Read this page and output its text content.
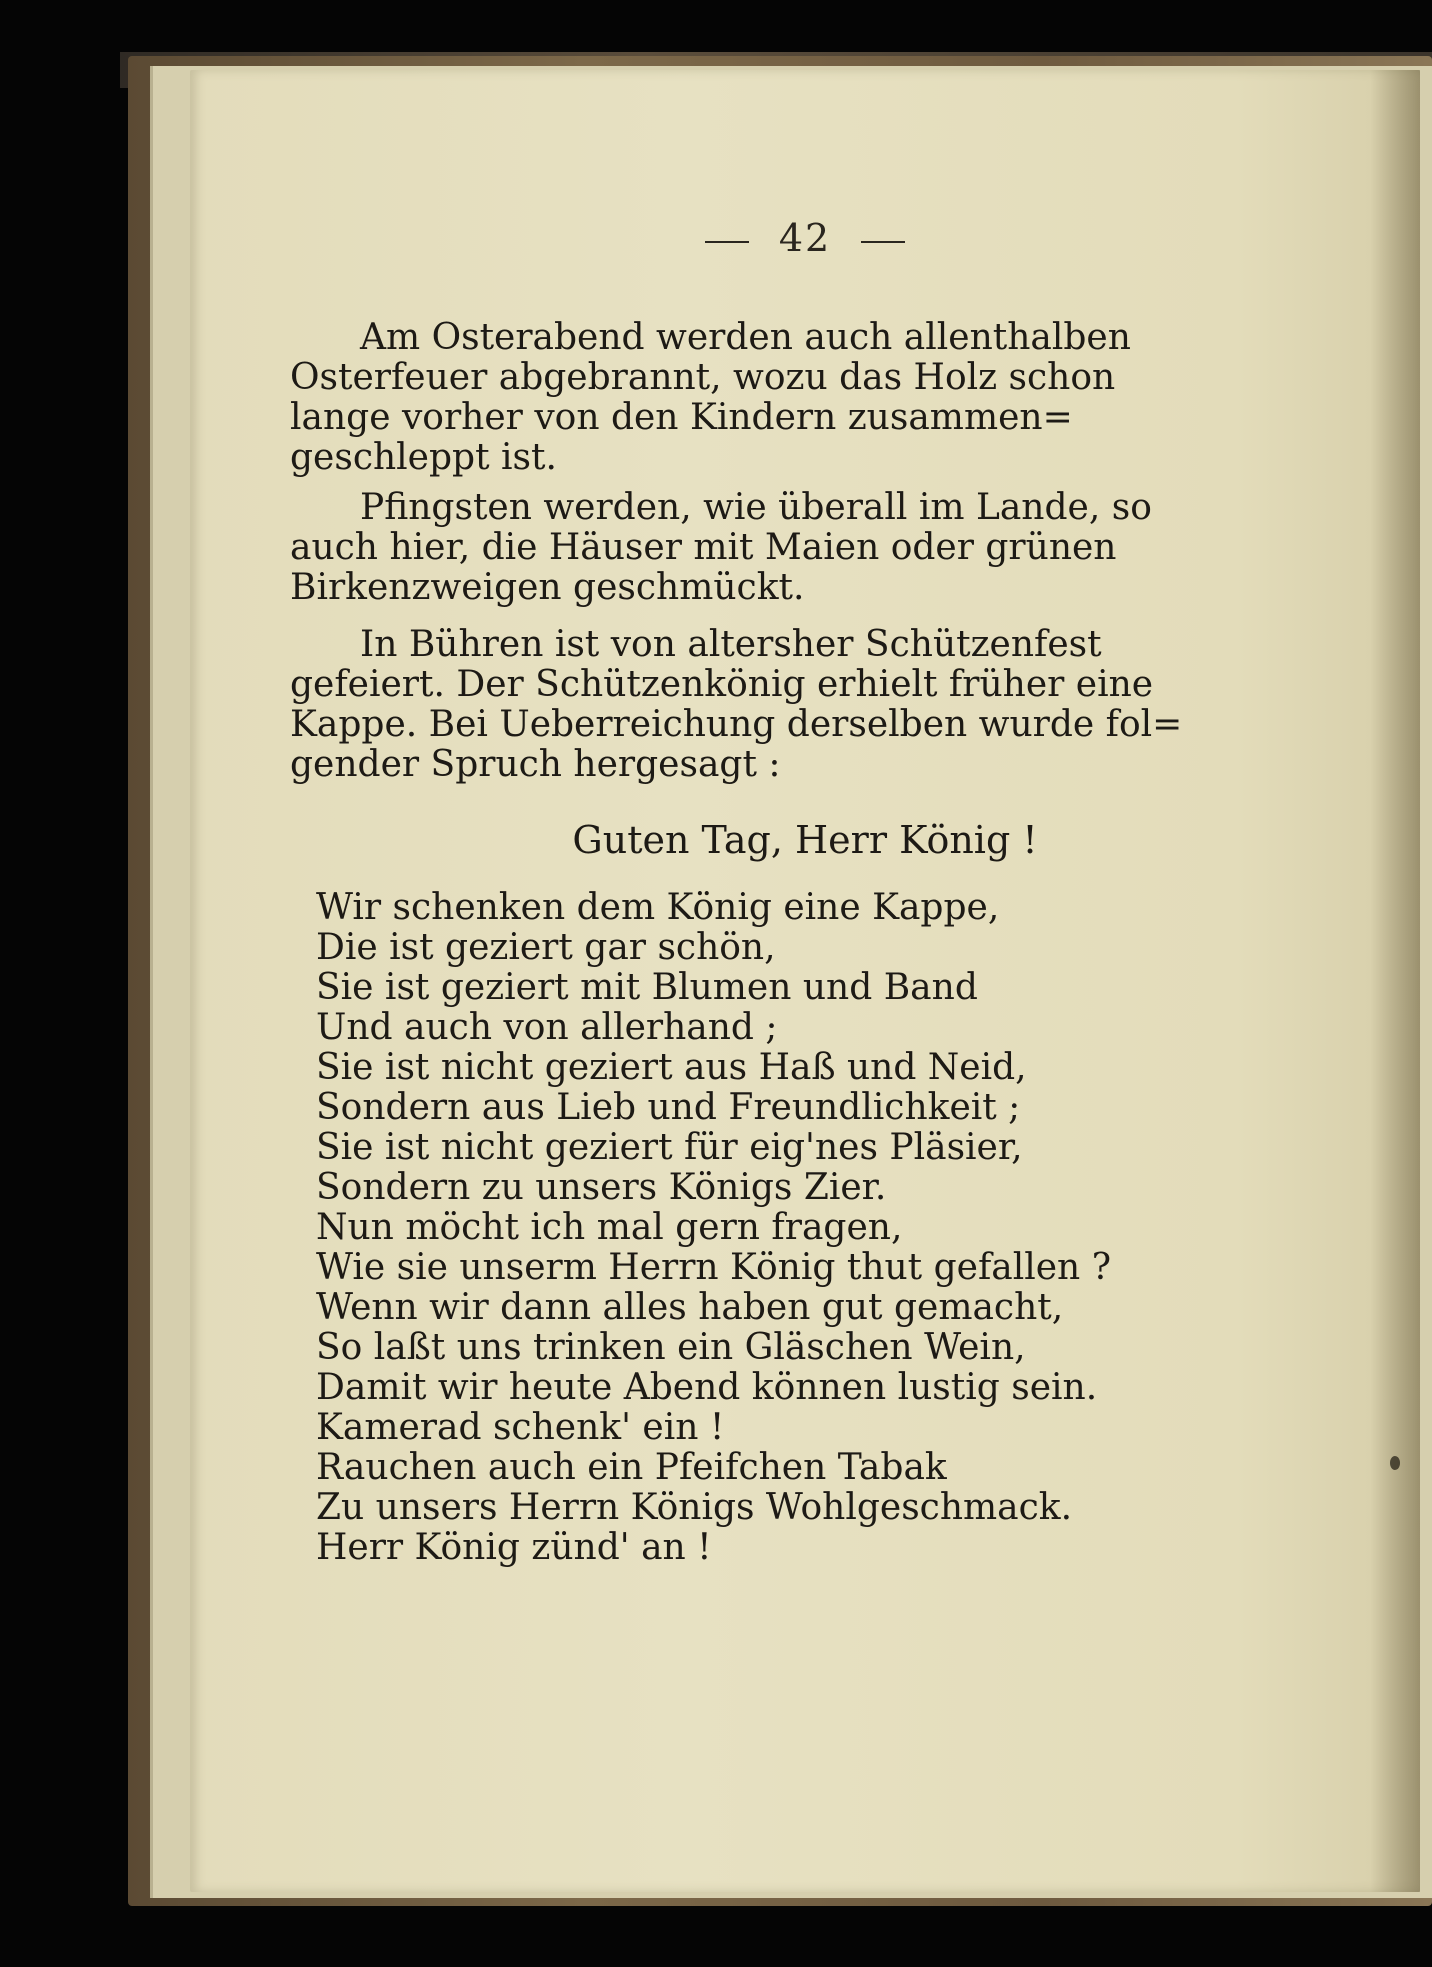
42
Am Osterabend werden auch allenthalben
Osterfeuer abgebrannt, wozu das Holz schon
lange vorher von den Kindern zusammen=
geschleppt ist.
Pfingsten werden, wie überall im Lande, so
auch hier, die Häuser mit Maien oder grünen
Birkenzweigen geschmückt.
In Bühren ist von altersher Schützenfest
gefeiert. Der Schützenkönig erhielt früher eine
Kappe. Bei Ueberreichung derselben wurde fol=
gender Spruch hergesagt :
Guten Tag, Herr König !
Wir schenken dem König eine Kappe,
Die ist geziert gar schön,
Sie ist geziert mit Blumen und Band
Und auch von allerhand ;
Sie ist nicht geziert aus Haß und Neid,
Sondern aus Lieb und Freundlichkeit ;
Sie ist nicht geziert für eig'nes Pläsier,
Sondern zu unsers Königs Zier.
Nun möcht ich mal gern fragen,
Wie sie unserm Herrn König thut gefallen ?
Wenn wir dann alles haben gut gemacht,
So laßt uns trinken ein Gläschen Wein,
Damit wir heute Abend können lustig sein.
Kamerad schenk' ein !
Rauchen auch ein Pfeifchen Tabak
Zu unsers Herrn Königs Wohlgeschmack.
Herr König zünd' an !
